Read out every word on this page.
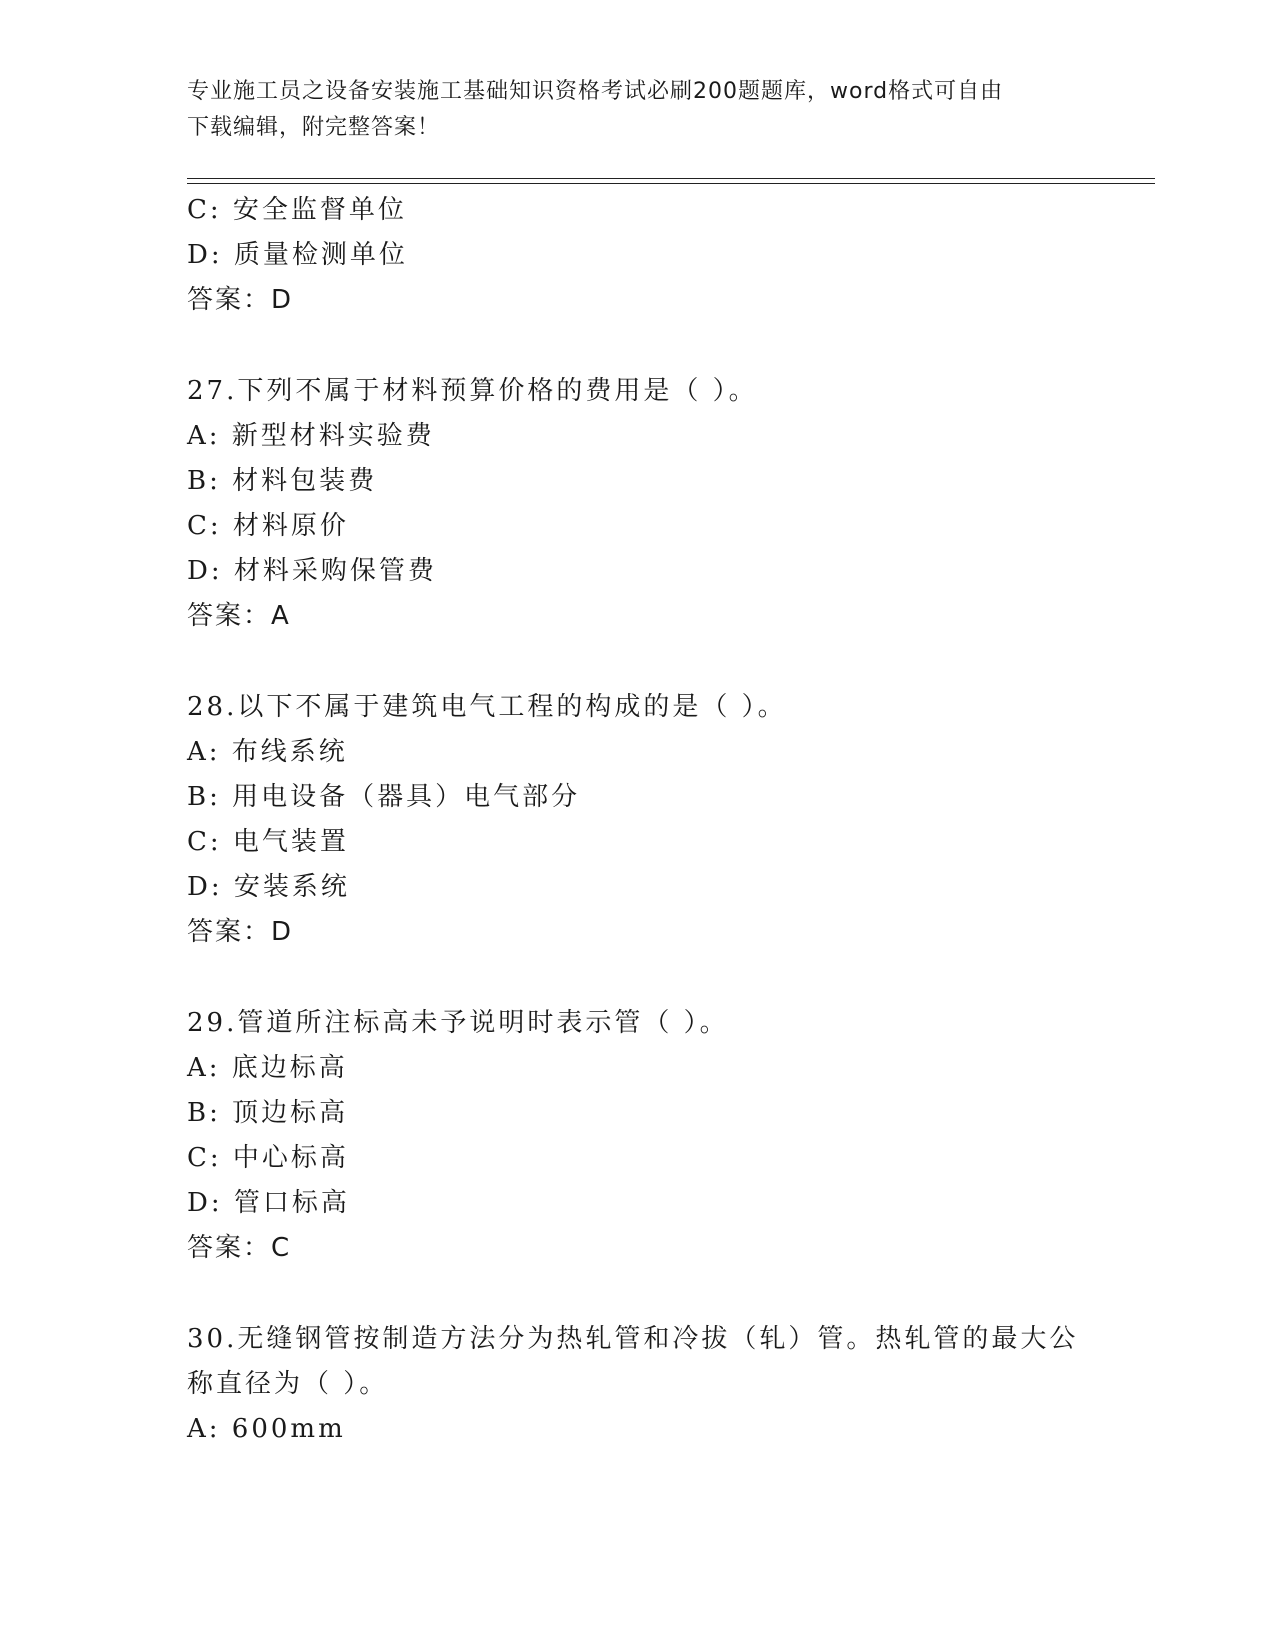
专业施工员之设备安装施工基础知识资格考试必刷200题题库，word格式可自由
下载编辑，附完整答案！
C: 安全监督单位
D: 质量检测单位
答案：D
27.下列不属于材料预算价格的费用是（ ）。
A: 新型材料实验费
B: 材料包装费
C: 材料原价
D: 材料采购保管费
答案：A
28.以下不属于建筑电气工程的构成的是（ ）。
A: 布线系统
B: 用电设备（器具）电气部分
C: 电气装置
D: 安装系统
答案：D
29.管道所注标高未予说明时表示管（ ）。
A: 底边标高
B: 顶边标高
C: 中心标高
D: 管口标高
答案：C
30.无缝钢管按制造方法分为热轧管和冷拔（轧）管。热轧管的最大公
称直径为（ ）。
A: 600mm
